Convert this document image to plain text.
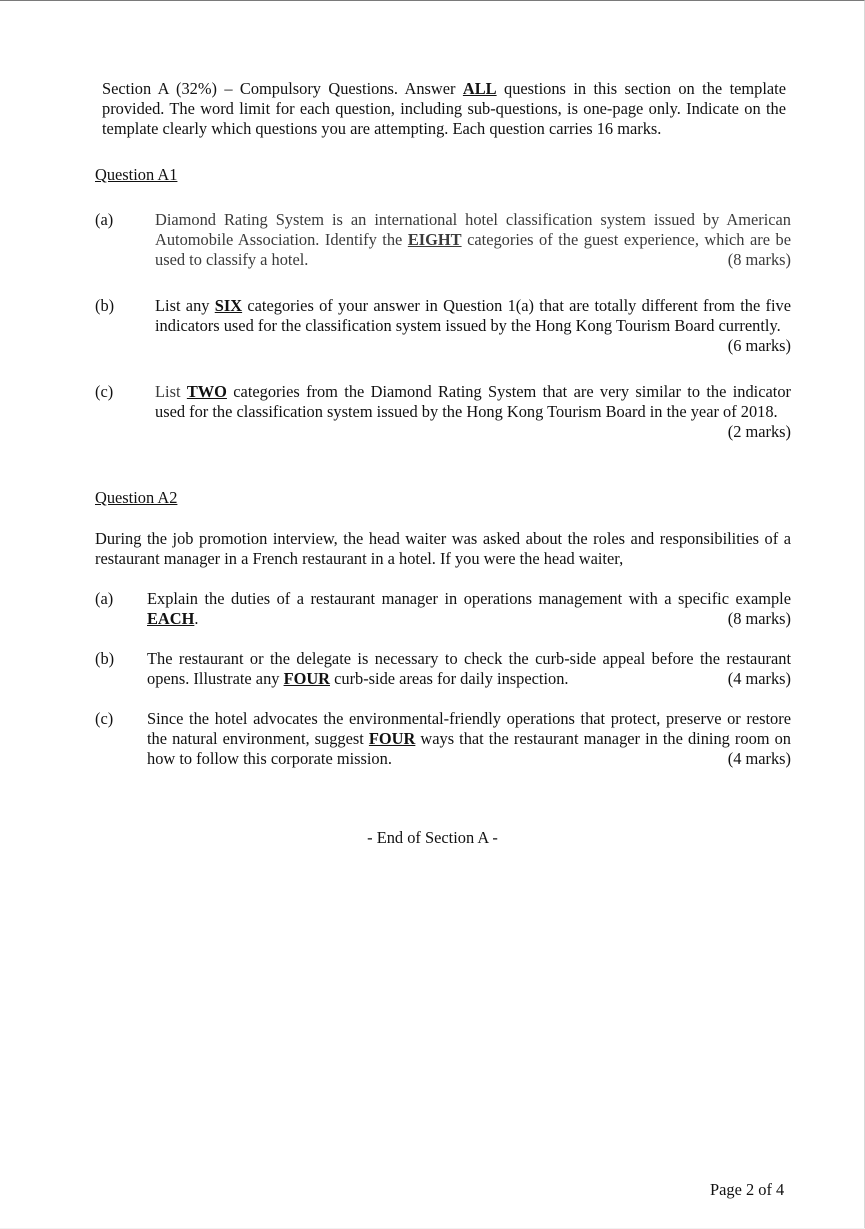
Section A (32%) – Compulsory Questions. Answer ALL questions in this section on the template provided. The word limit for each question, including sub-questions, is one-page only. Indicate on the template clearly which questions you are attempting. Each question carries 16 marks.
Question A1
(a)	Diamond Rating System is an international hotel classification system issued by American Automobile Association. Identify the EIGHT categories of the guest experience, which are be used to classify a hotel.	(8 marks)
(b) List any SIX categories of your answer in Question 1(a) that are totally different from the five indicators used for the classification system issued by the Hong Kong Tourism Board currently.
(6 marks)
(c)	List TWO categories from the Diamond Rating System that are very similar to the indicator used for the classification system issued by the Hong Kong Tourism Board in the year of 2018.
(2 marks)
Question A2
During the job promotion interview, the head waiter was asked about the roles and responsibilities of a restaurant manager in a French restaurant in a hotel. If you were the head waiter,
(a) Explain the duties of a restaurant manager in operations management with a specific example EACH.	(8 marks)
(b) The restaurant or the delegate is necessary to check the curb-side appeal before the restaurant opens. Illustrate any FOUR curb-side areas for daily inspection.	(4 marks)
(c) Since the hotel advocates the environmental-friendly operations that protect, preserve or restore the natural environment, suggest FOUR ways that the restaurant manager in the dining room on how to follow this corporate mission.	(4 marks)
- End of Section A -
Page 2 of 4
